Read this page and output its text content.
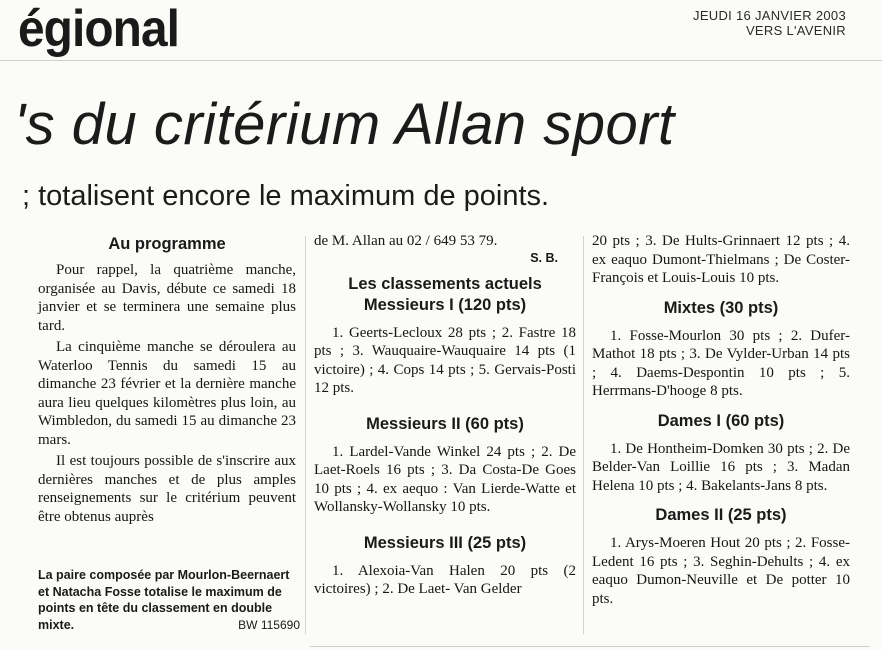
égional	JEUDI 16 JANVIER 2003
VERS L'AVENIR
's du critérium Allan sport
; totalisent encore le maximum de points.
Au programme

Pour rappel, la quatrième manche, organisée au Davis, débute ce samedi 18 janvier et se terminera une semaine plus tard.

La cinquième manche se déroulera au Waterloo Tennis du samedi 15 au dimanche 23 février et la dernière manche aura lieu quelques kilomètres plus loin, au Wimbledon, du samedi 15 au dimanche 23 mars.

Il est toujours possible de s'inscrire aux dernières manches et de plus amples renseignements sur le critérium peuvent être obtenus auprès

La paire composée par Mourlon-Beernaert et Natacha Fosse totalise le maximum de points en tête du classement en double mixte.	BW 115690

de M. Allan au 02 / 649 53 79.

S. B.
Les classements actuels
Messieurs I (120 pts)

1. Geerts-Lecloux 28 pts ; 2. Fastre 18 pts ; 3. Wauquaire-Wauquaire 14 pts (1 victoire) ; 4. Cops 14 pts ; 5. Gervais-Posti 12 pts.

Messieurs II (60 pts)

1. Lardel-Vande Winkel 24 pts ; 2. De Laet-Roels 16 pts ; 3. Da Costa-De Goes 10 pts ; 4. ex aequo : Van Lierde-Watte et Wollansky-Wollansky 10 pts.

Messieurs III (25 pts)

1. Alexoia-Van Halen 20 pts (2 victoires) ; 2. De Laet- Van Gelder

20 pts ; 3. De Hults-Grinnaert 12 pts ; 4. ex eaquo Dumont-Thielmans ; De Coster-François et Louis-Louis 10 pts.

Mixtes (30 pts)

1. Fosse-Mourlon 30 pts ; 2. Dufer-Mathot 18 pts ; 3. De Vylder-Urban 14 pts ; 4. Daems-Despontin 10 pts ; 5. Herrmans-D'hooge 8 pts.

Dames I (60 pts)

1. De Hontheim-Domken 30 pts ; 2. De Belder-Van Loillie 16 pts ; 3. Madan Helena 10 pts ; 4. Bakelants-Jans 8 pts.

Dames II (25 pts)

1. Arys-Moeren Hout 20 pts ; 2. Fosse-Ledent 16 pts ; 3. Seghin-Dehults ; 4. ex eaquo Dumon-Neuville et De potter 10 pts.
